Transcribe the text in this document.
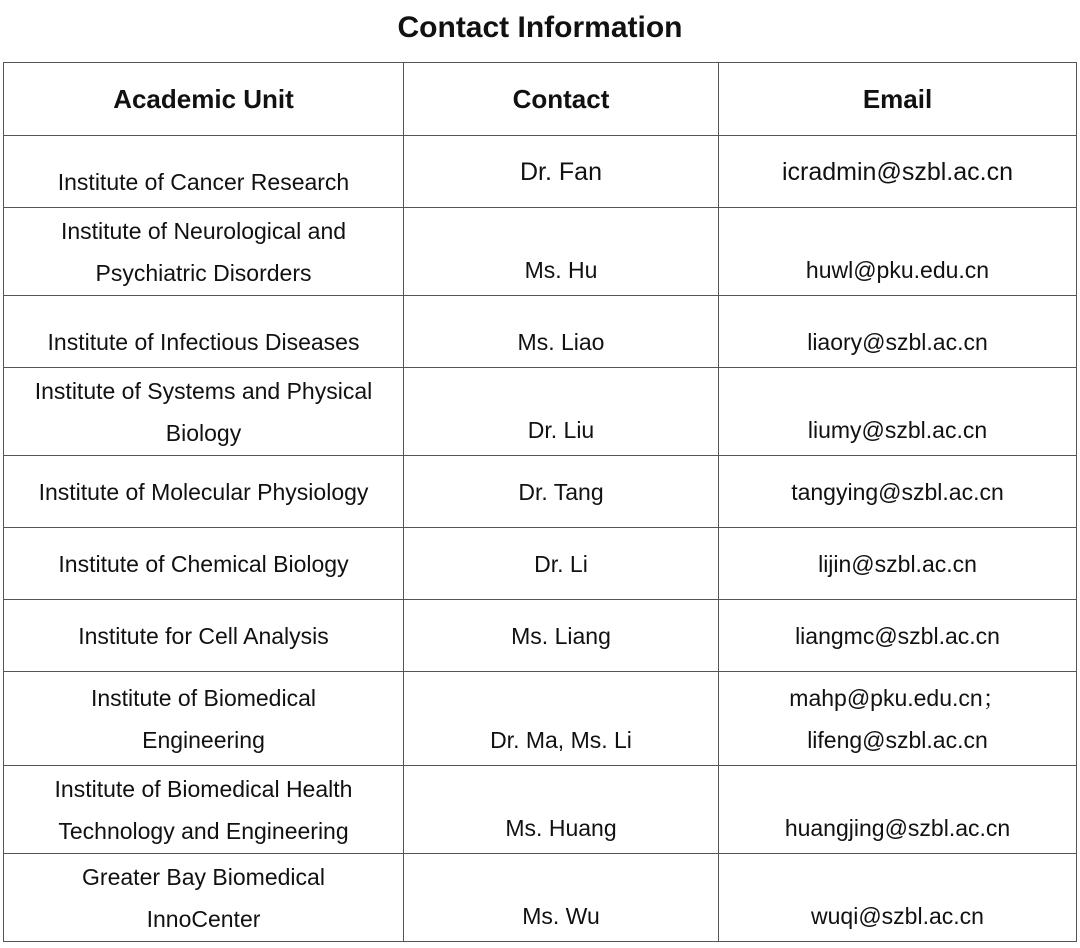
Contact Information
Academic Unit	Contact	Email

Institute of Cancer Research	Dr. Fan	icradmin@szbl.ac.cn

Institute of Neurological and
Psychiatric Disorders	Ms. Hu	huwl@pku.edu.cn

Institute of Infectious Diseases	Ms. Liao	liaory@szbl.ac.cn

Institute of Systems and Physical
Biology	Dr. Liu	liumy@szbl.ac.cn

Institute of Molecular Physiology	Dr. Tang	tangying@szbl.ac.cn

Institute of Chemical Biology	Dr. Li	lijin@szbl.ac.cn

Institute for Cell Analysis	Ms. Liang	liangmc@szbl.ac.cn

Institute of Biomedical
Engineering	Dr. Ma, Ms. Li	mahp@pku.edu.cn；
lifeng@szbl.ac.cn

Institute of Biomedical Health
Technology and Engineering	Ms. Huang	huangjing@szbl.ac.cn

Greater Bay Biomedical
InnoCenter	Ms. Wu	wuqi@szbl.ac.cn
